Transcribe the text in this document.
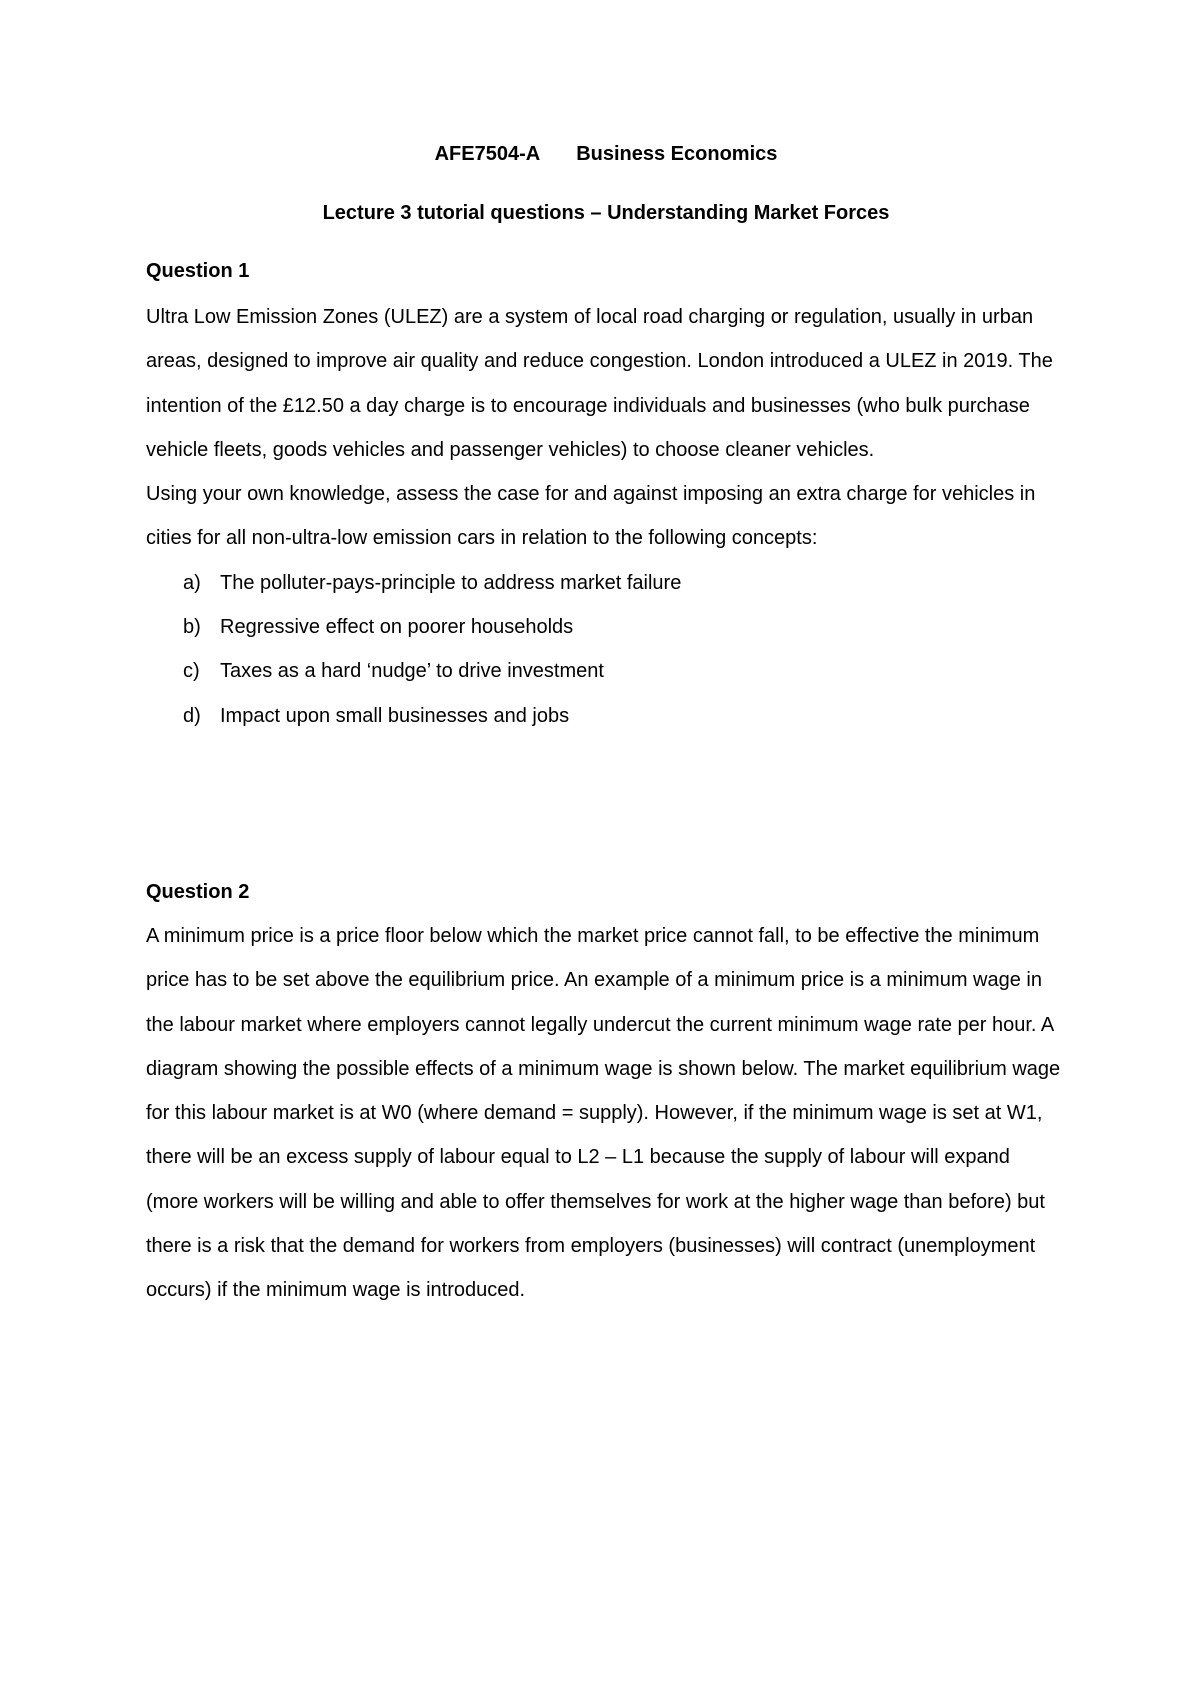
AFE7504-A Business Economics

Lecture 3 tutorial questions – Understanding Market Forces

Question 1

Ultra Low Emission Zones (ULEZ) are a system of local road charging or regulation, usually in urban areas, designed to improve air quality and reduce congestion. London introduced a ULEZ in 2019. The intention of the £12.50 a day charge is to encourage individuals and businesses (who bulk purchase vehicle fleets, goods vehicles and passenger vehicles) to choose cleaner vehicles.

Using your own knowledge, assess the case for and against imposing an extra charge for vehicles in cities for all non-ultra-low emission cars in relation to the following concepts:

a) The polluter-pays-principle to address market failure
b) Regressive effect on poorer households
c)	Taxes as a hard ‘nudge’ to drive investment
d) Impact upon small businesses and jobs

Question 2

A minimum price is a price floor below which the market price cannot fall, to be effective the minimum price has to be set above the equilibrium price. An example of a minimum price is a minimum wage in the labour market where employers cannot legally undercut the current minimum wage rate per hour. A diagram showing the possible effects of a minimum wage is shown below. The market equilibrium wage for this labour market is at W0 (where demand = supply). However, if the minimum wage is set at W1, there will be an excess supply of labour equal to L2 – L1 because the supply of labour will expand (more workers will be willing and able to offer themselves for work at the higher wage than before) but there is a risk that the demand for workers from employers (businesses) will contract (unemployment occurs) if the minimum wage is introduced.
